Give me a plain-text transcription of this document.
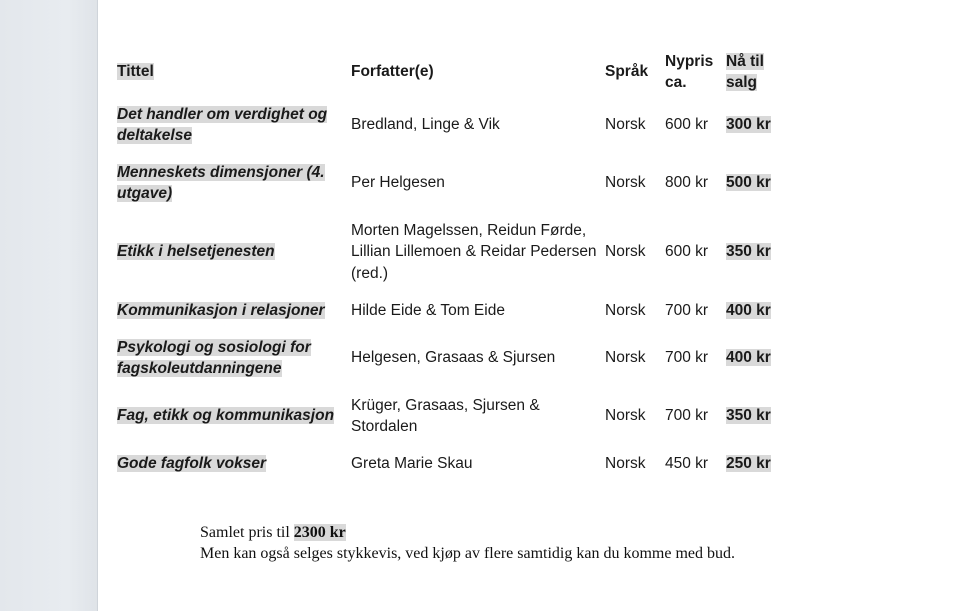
Tittel	Forfatter(e)	Språk	Nypris ca.	Nå til salg
Det handler om verdighet og deltakelse	Bredland, Linge & Vik	Norsk	600 kr	300 kr
Menneskets dimensjoner (4. utgave)	Per Helgesen	Norsk	800 kr	500 kr
Etikk i helsetjenesten	Morten Magelssen, Reidun Førde, Lillian Lillemoen & Reidar Pedersen (red.)	Norsk	600 kr	350 kr
Kommunikasjon i relasjoner	Hilde Eide & Tom Eide	Norsk	700 kr	400 kr
Psykologi og sosiologi for fagskoleutdanningene	Helgesen, Grasaas & Sjursen	Norsk	700 kr	400 kr
Fag, etikk og kommunikasjon	Krüger, Grasaas, Sjursen & Stordalen	Norsk	700 kr	350 kr
Gode fagfolk vokser	Greta Marie Skau	Norsk	450 kr	250 kr
Samlet pris til 2300 kr
Men kan også selges stykkevis, ved kjøp av flere samtidig kan du komme med bud.
